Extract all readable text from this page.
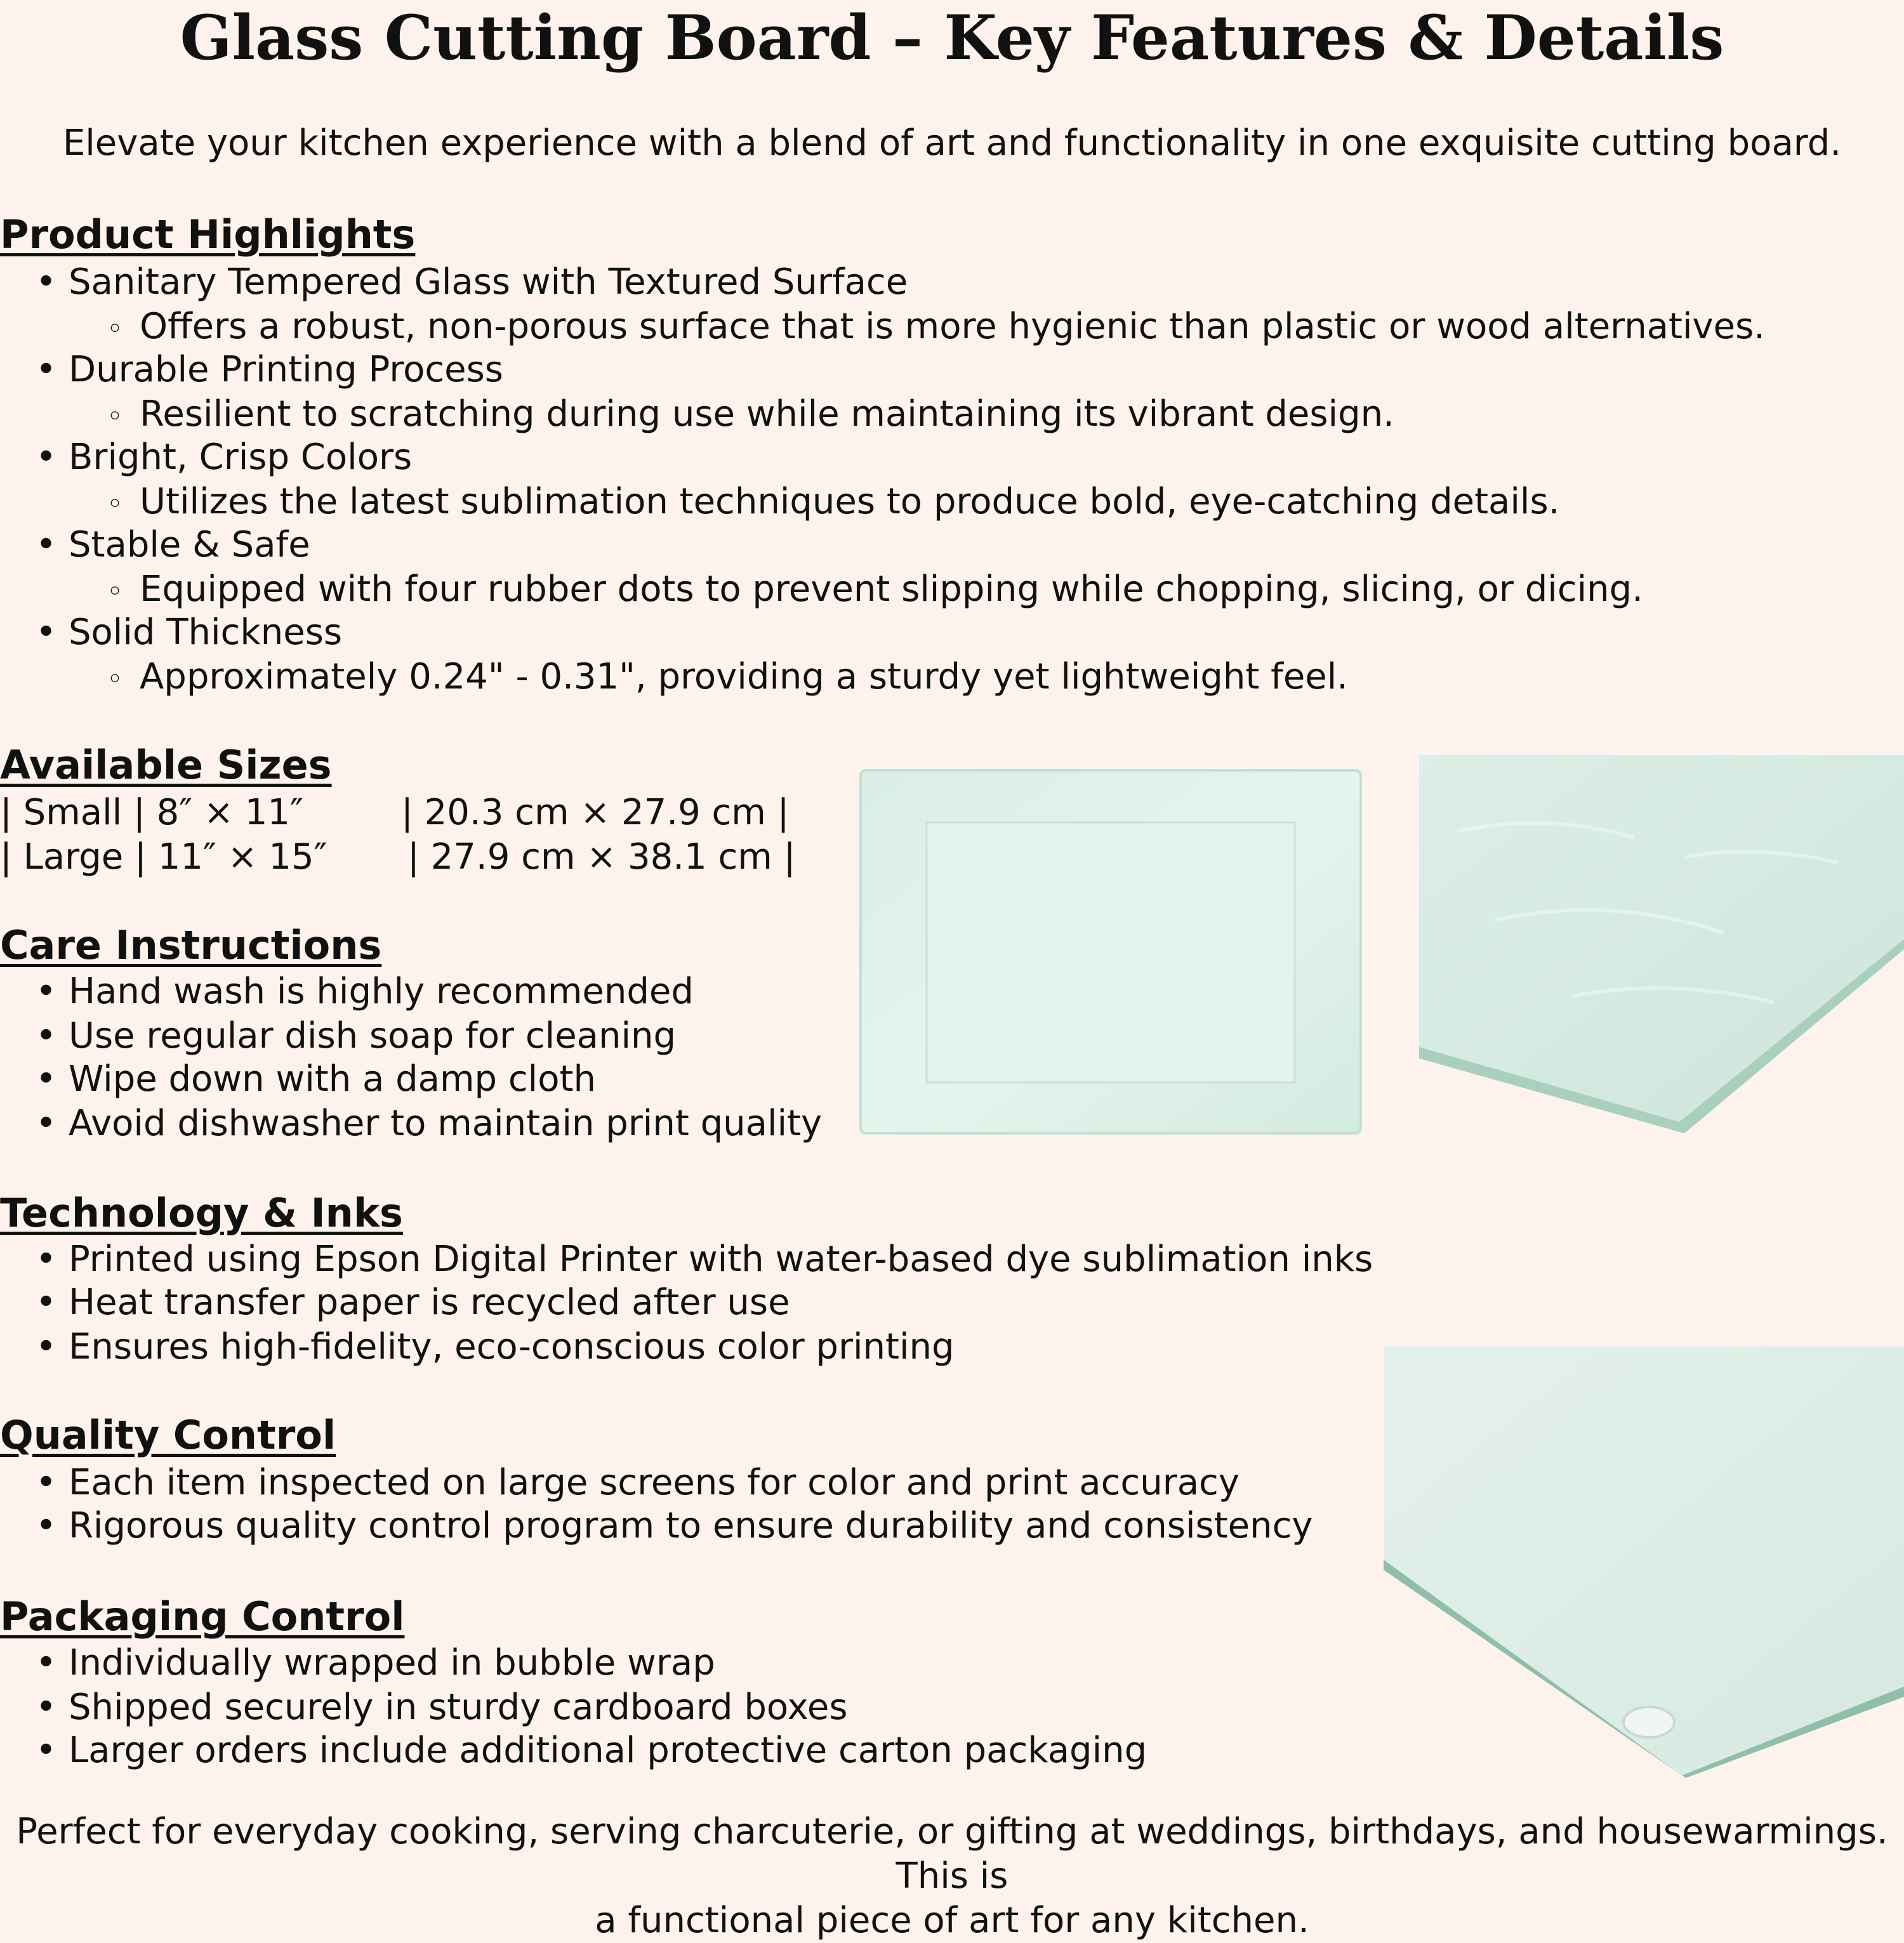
Glass Cutting Board – Key Features & Details
Elevate your kitchen experience with a blend of art and functionality in one exquisite cutting board.
Product Highlights
• Sanitary Tempered Glass with Textured Surface
◦ Offers a robust, non-porous surface that is more hygienic than plastic or wood alternatives.
• Durable Printing Process
◦ Resilient to scratching during use while maintaining its vibrant design.
• Bright, Crisp Colors
◦ Utilizes the latest sublimation techniques to produce bold, eye-catching details.
• Stable & Safe
◦ Equipped with four rubber dots to prevent slipping while chopping, slicing, or dicing.
• Solid Thickness
◦ Approximately 0.24" - 0.31", providing a sturdy yet lightweight feel.
Available Sizes
| Small | 8″ × 11″	| 20.3 cm × 27.9 cm |
| Large | 11″ × 15″ | 27.9 cm × 38.1 cm |
Care Instructions
• Hand wash is highly recommended
• Use regular dish soap for cleaning
• Wipe down with a damp cloth
• Avoid dishwasher to maintain print quality
Technology & Inks
• Printed using Epson Digital Printer with water-based dye sublimation inks
• Heat transfer paper is recycled after use
• Ensures high-fidelity, eco-conscious color printing
Quality Control
• Each item inspected on large screens for color and print accuracy
• Rigorous quality control program to ensure durability and consistency
Packaging Control
• Individually wrapped in bubble wrap
• Shipped securely in sturdy cardboard boxes
• Larger orders include additional protective carton packaging
Perfect for everyday cooking, serving charcuterie, or gifting at weddings, birthdays, and housewarmings. This is
a functional piece of art for any kitchen.
